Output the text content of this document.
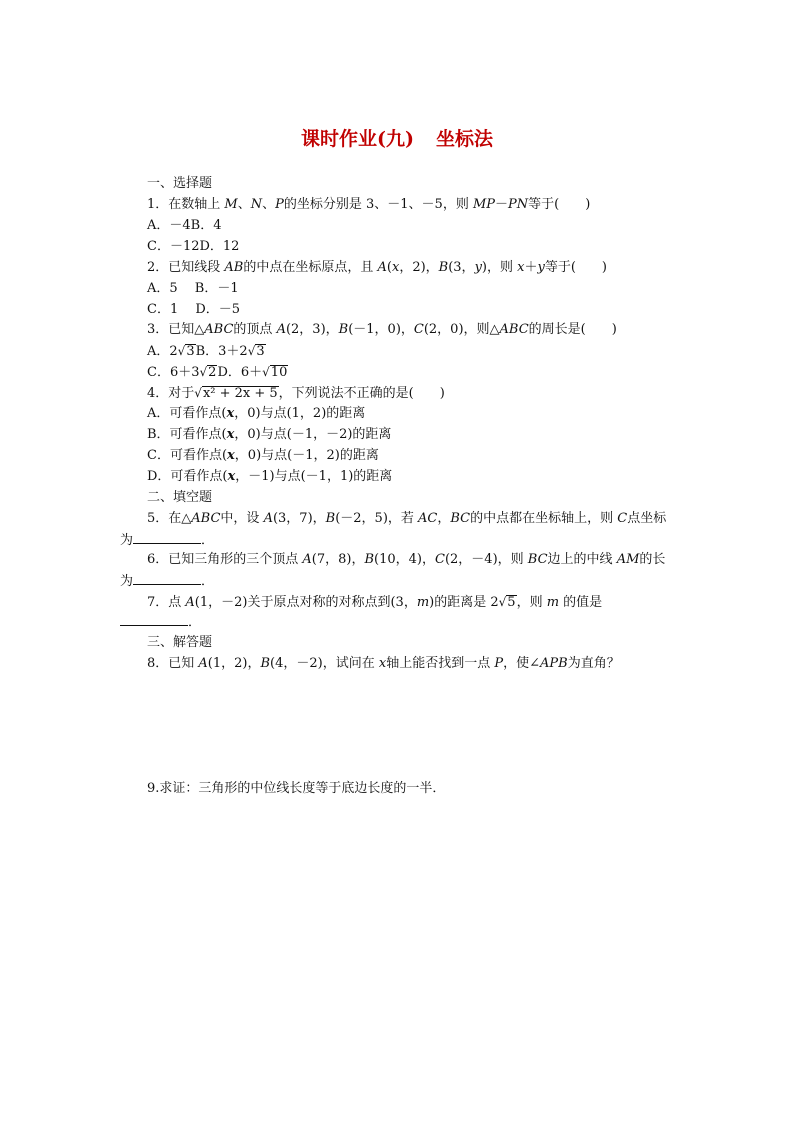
课时作业(九) 坐标法
一、选择题
1．在数轴上 M、N、P的坐标分别是 3、－1、－5，则 MP－PN等于(　　)
A．－4B．4
C．－12D．12
2．已知线段 AB的中点在坐标原点，且 A(x，2)，B(3，y)，则 x＋y等于(　　)
A．5　 B．－1
C．1　 D．－5
3．已知△ABC的顶点 A(2，3)，B(－1，0)，C(2，0)，则△ABC的周长是(　　)
A．2 √ 3 B．3＋2 √ 3
C．6＋3 √ 2 D．6＋ √ 10
4．对于 √ x² + 2x + 5 ，下列说法不正确的是(　　)
A．可看作点(x，0)与点(1，2)的距离
B．可看作点(x，0)与点(－1，－2)的距离
C．可看作点(x，0)与点(－1，2)的距离
D．可看作点(x，－1)与点(－1，1)的距离
二、填空题
5．在△ABC中，设 A(3，7)，B(－2，5)，若 AC，BC的中点都在坐标轴上，则 C点坐标
为	．
6．已知三角形的三个顶点 A(7，8)，B(10，4)，C(2，－4)，则 BC边上的中线 AM的长
为	．
7．点 A(1，－2)关于原点对称的对称点到(3，m)的距离是 2 √ 5 ，则 m 的值是
．
三、解答题
8．已知 A(1，2)，B(4，－2)，试问在 x轴上能否找到一点 P，使∠APB为直角？
9.求证：三角形的中位线长度等于底边长度的一半．
